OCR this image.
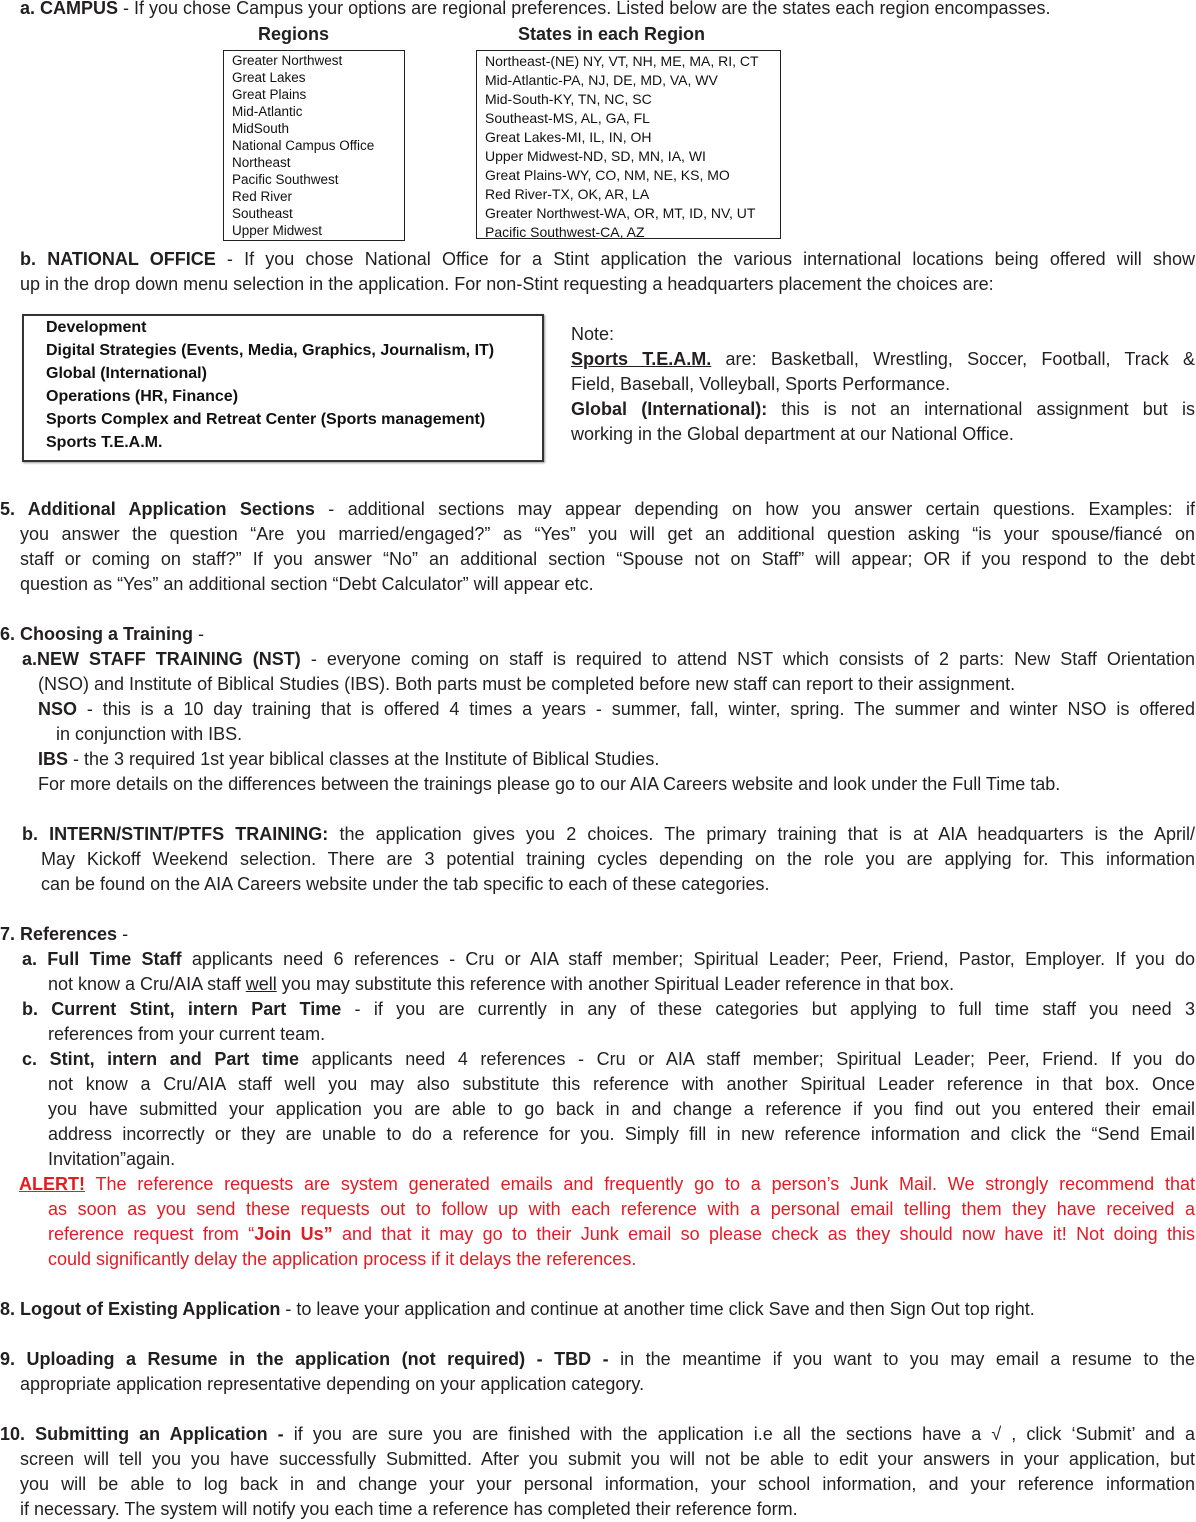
a. CAMPUS - If you chose Campus your options are regional preferences. Listed below are the states each region encompasses.
Regions	States in each Region
Greater Northwest
Great Lakes
Great Plains
Mid-Atlantic
MidSouth
National Campus Office
Northeast
Pacific Southwest
Red River
Southeast
Upper Midwest
Northeast-(NE) NY, VT, NH, ME, MA, RI, CT
Mid-Atlantic-PA, NJ, DE, MD, VA, WV
Mid-South-KY, TN, NC, SC
Southeast-MS, AL, GA, FL
Great Lakes-MI, IL, IN, OH
Upper Midwest-ND, SD, MN, IA, WI
Great Plains-WY, CO, NM, NE, KS, MO
Red River-TX, OK, AR, LA
Greater Northwest-WA, OR, MT, ID, NV, UT
Pacific Southwest-CA, AZ
b. NATIONAL OFFICE - If you chose National Office for a Stint application the various international locations being offered will show
up in the drop down menu selection in the application. For non-Stint requesting a headquarters placement the choices are:
Development
Digital Strategies (Events, Media, Graphics, Journalism, IT)
Global (International)
Operations (HR, Finance)
Sports Complex and Retreat Center (Sports management)
Sports T.E.A.M.
Note:
Sports T.E.A.M. are: Basketball, Wrestling, Soccer, Football, Track &
Field, Baseball, Volleyball, Sports Performance.
Global (International): this is not an international assignment but is
working in the Global department at our National Office.
5. Additional Application Sections - additional sections may appear depending on how you answer certain questions. Examples: if
you answer the question “Are you married/engaged?” as “Yes” you will get an additional question asking “is your spouse/fiancé on
staff or coming on staff?” If you answer “No” an additional section “Spouse not on Staff” will appear; OR if you respond to the debt
question as “Yes” an additional section “Debt Calculator” will appear etc.
6. Choosing a Training -
a.NEW STAFF TRAINING (NST) - everyone coming on staff is required to attend NST which consists of 2 parts: New Staff Orientation
(NSO) and Institute of Biblical Studies (IBS). Both parts must be completed before new staff can report to their assignment.
NSO - this is a 10 day training that is offered 4 times a years - summer, fall, winter, spring. The summer and winter NSO is offered
in conjunction with IBS.
IBS - the 3 required 1st year biblical classes at the Institute of Biblical Studies.
For more details on the differences between the trainings please go to our AIA Careers website and look under the Full Time tab.
b. INTERN/STINT/PTFS TRAINING: the application gives you 2 choices. The primary training that is at AIA headquarters is the April/
May Kickoff Weekend selection. There are 3 potential training cycles depending on the role you are applying for. This information
can be found on the AIA Careers website under the tab specific to each of these categories.
7. References -
a. Full Time Staff applicants need 6 references - Cru or AIA staff member; Spiritual Leader; Peer, Friend, Pastor, Employer. If you do
not know a Cru/AIA staff well you may substitute this reference with another Spiritual Leader reference in that box.
b. Current Stint, intern Part Time - if you are currently in any of these categories but applying to full time staff you need 3
references from your current team.
c. Stint, intern and Part time applicants need 4 references - Cru or AIA staff member; Spiritual Leader; Peer, Friend. If you do
not know a Cru/AIA staff well you may also substitute this reference with another Spiritual Leader reference in that box. Once
you have submitted your application you are able to go back in and change a reference if you find out you entered their email
address incorrectly or they are unable to do a reference for you. Simply fill in new reference information and click the “Send Email
Invitation”again.
ALERT! The reference requests are system generated emails and frequently go to a person’s Junk Mail. We strongly recommend that
as soon as you send these requests out to follow up with each reference with a personal email telling them they have received a
reference request from “Join Us” and that it may go to their Junk email so please check as they should now have it! Not doing this
could significantly delay the application process if it delays the references.
8. Logout of Existing Application - to leave your application and continue at another time click Save and then Sign Out top right.
9. Uploading a Resume in the application (not required) - TBD - in the meantime if you want to you may email a resume to the
appropriate application representative depending on your application category.
10. Submitting an Application - if you are sure you are finished with the application i.e all the sections have a √ , click ‘Submit’ and a
screen will tell you you have successfully Submitted. After you submit you will not be able to edit your answers in your application, but
you will be able to log back in and change your your personal information, your school information, and your reference information
if necessary. The system will notify you each time a reference has completed their reference form.
